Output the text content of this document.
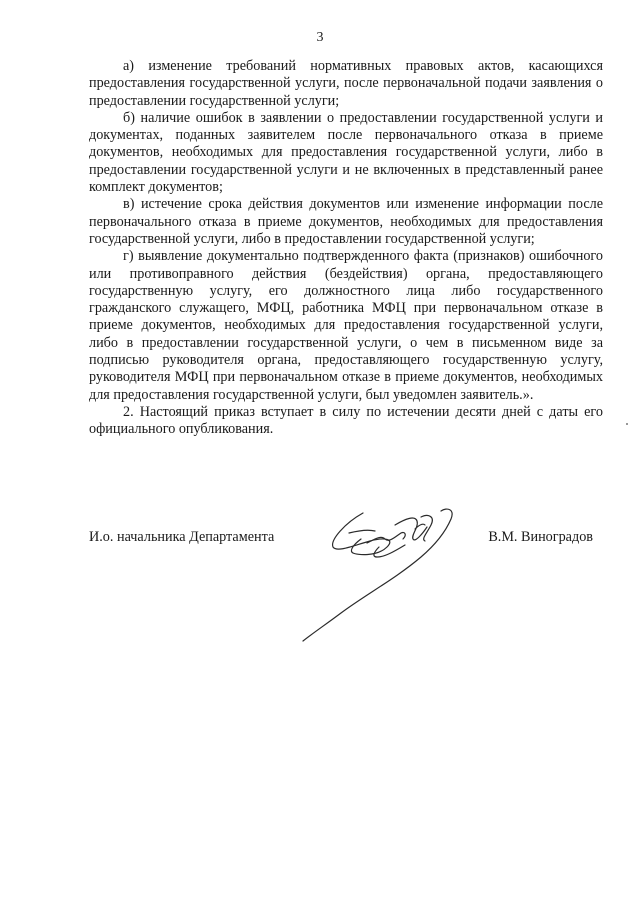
3

а) изменение требований нормативных правовых актов, касающихся предоставления государственной услуги, после первоначальной подачи заявления о предоставлении государственной услуги;

б) наличие ошибок в заявлении о предоставлении государственной услуги и документах, поданных заявителем после первоначального отказа в приеме документов, необходимых для предоставления государственной услуги, либо в предоставлении государственной услуги и не включенных в представленный ранее комплект документов;

в) истечение срока действия документов или изменение информации после первоначального отказа в приеме документов, необходимых для предоставления государственной услуги, либо в предоставлении государственной услуги;

г) выявление документально подтвержденного факта (признаков) ошибочного или противоправного действия (бездействия) органа, предоставляющего государственную услугу, его должностного лица либо государственного гражданского служащего, МФЦ, работника МФЦ при первоначальном отказе в приеме документов, необходимых для предоставления государственной услуги, либо в предоставлении государственной услуги, о чем в письменном виде за подписью руководителя органа, предоставляющего государственную услугу, руководителя МФЦ при первоначальном отказе в приеме документов, необходимых для предоставления государственной услуги, был уведомлен заявитель.».

2. Настоящий приказ вступает в силу по истечении десяти дней с даты его официального опубликования.

И.о. начальника Департамента	В.М. Виноградов
